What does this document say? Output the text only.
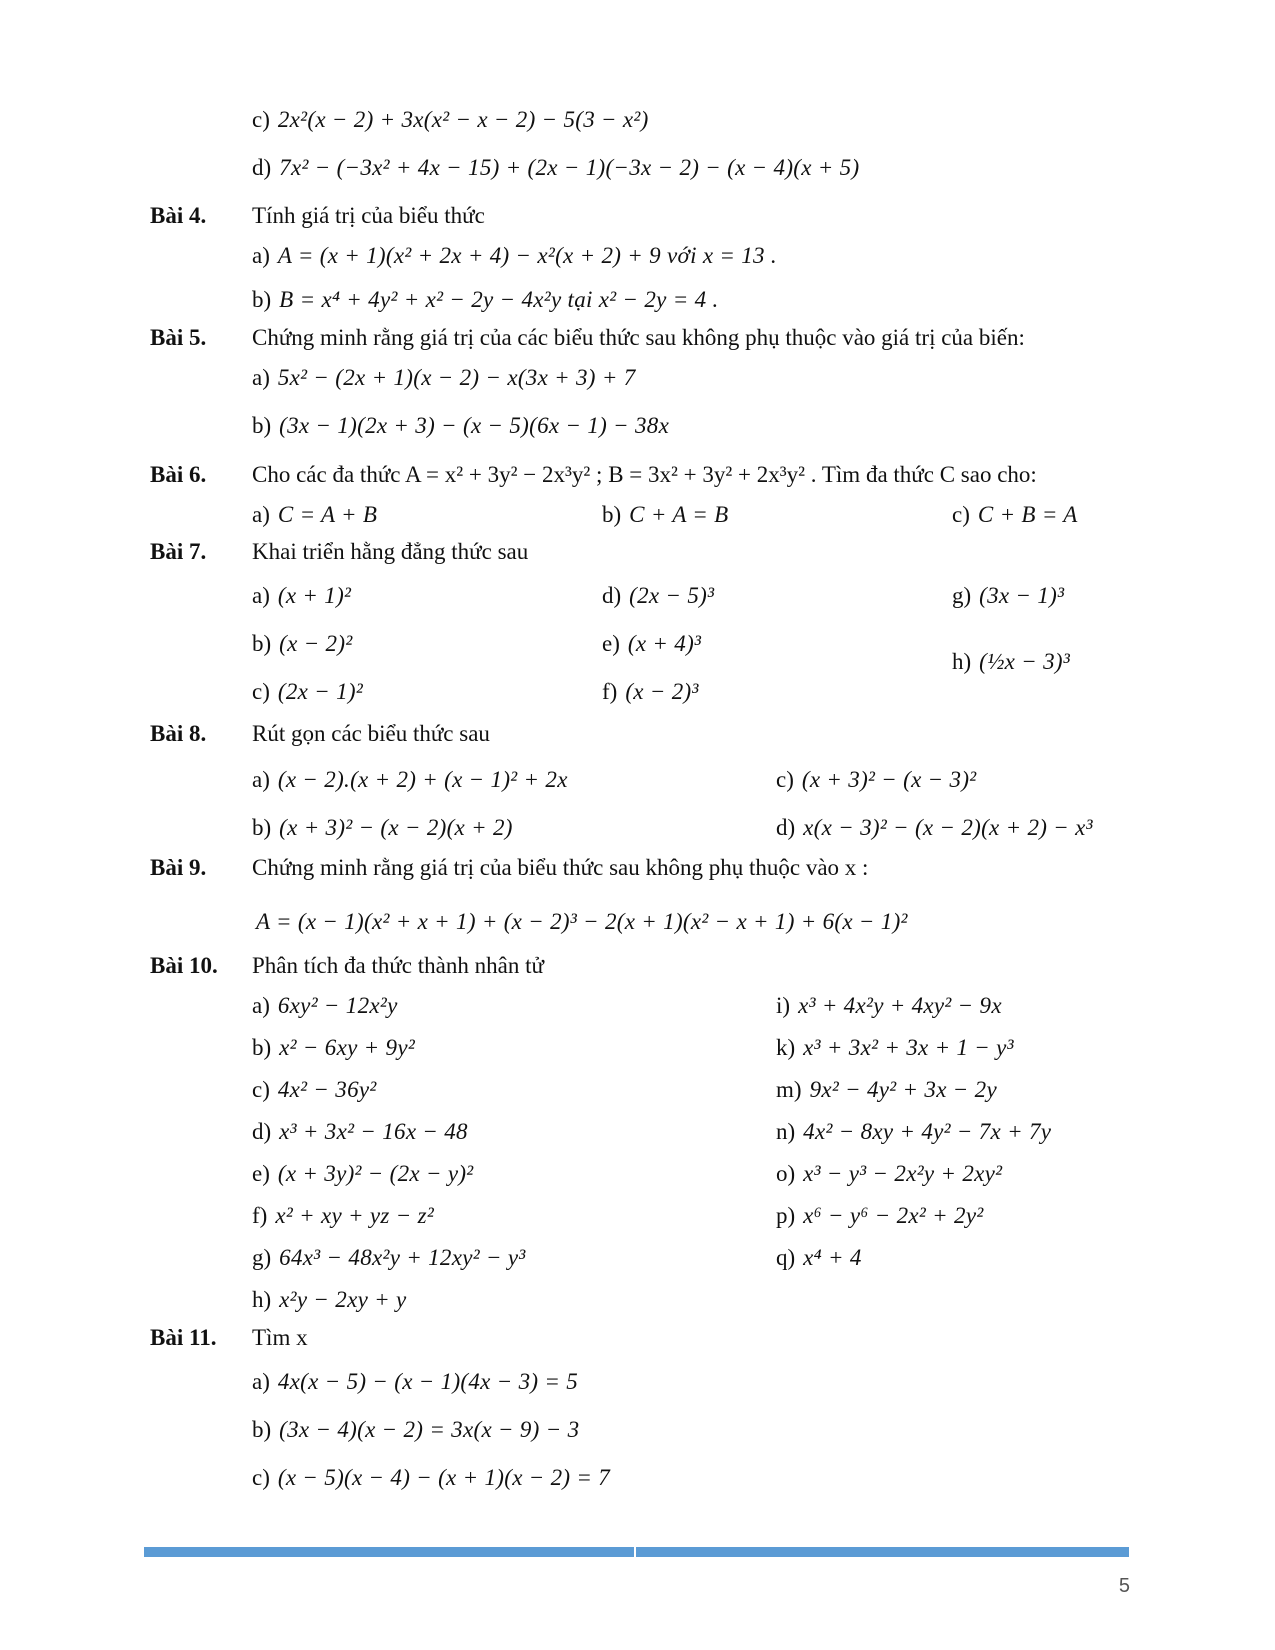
c) 2x²(x − 2) + 3x(x² − x − 2) − 5(3 − x²)
d) 7x² − (−3x² + 4x − 15) + (2x − 1)(−3x − 2) − (x − 4)(x + 5)
Bài 4. Tính giá trị của biểu thức
a) A = (x + 1)(x² + 2x + 4) − x²(x + 2) + 9 với x = 13 .
b) B = x⁴ + 4y² + x² − 2y − 4x²y tại x² − 2y = 4 .
Bài 5. Chứng minh rằng giá trị của các biểu thức sau không phụ thuộc vào giá trị của biến:
a) 5x² − (2x + 1)(x − 2) − x(3x + 3) + 7
b) (3x − 1)(2x + 3) − (x − 5)(6x − 1) − 38x
Bài 6. Cho các đa thức A = x² + 3y² − 2x³y² ; B = 3x² + 3y² + 2x³y² . Tìm đa thức C sao cho:
a) C = A + B	b) C + A = B	c) C + B = A
Bài 7. Khai triển hằng đẳng thức sau
a) (x + 1)²	d) (2x − 5)³	g) (3x − 1)³
b) (x − 2)²	e) (x + 4)³
h) (½x − 3)³
c) (2x − 1)²	f) (x − 2)³
Bài 8. Rút gọn các biểu thức sau
a) (x − 2).(x + 2) + (x − 1)² + 2x	c) (x + 3)² − (x − 3)²
b) (x + 3)² − (x − 2)(x + 2)	d) x(x − 3)² − (x − 2)(x + 2) − x³
Bài 9. Chứng minh rằng giá trị của biểu thức sau không phụ thuộc vào x :
A = (x − 1)(x² + x + 1) + (x − 2)³ − 2(x + 1)(x² − x + 1) + 6(x − 1)²
Bài 10. Phân tích đa thức thành nhân tử
a) 6xy² − 12x²y	i) x³ + 4x²y + 4xy² − 9x
b) x² − 6xy + 9y²	k) x³ + 3x² + 3x + 1 − y³
c) 4x² − 36y²	m) 9x² − 4y² + 3x − 2y
d) x³ + 3x² − 16x − 48	n) 4x² − 8xy + 4y² − 7x + 7y
e) (x + 3y)² − (2x − y)²	o) x³ − y³ − 2x²y + 2xy²
f) x² + xy + yz − z²	p) x⁶ − y⁶ − 2x² + 2y²
g) 64x³ − 48x²y + 12xy² − y³	q) x⁴ + 4
h) x²y − 2xy + y
Bài 11. Tìm x
a) 4x(x − 5) − (x − 1)(4x − 3) = 5
b) (3x − 4)(x − 2) = 3x(x − 9) − 3
c) (x − 5)(x − 4) − (x + 1)(x − 2) = 7
5
